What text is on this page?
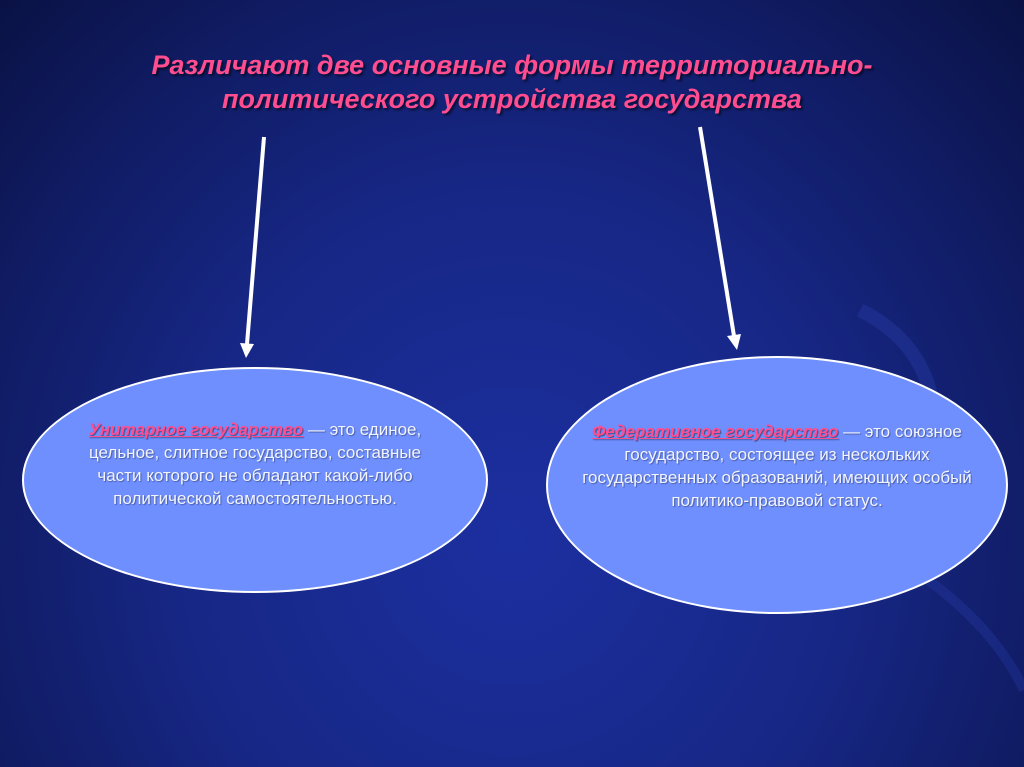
Различают две основные формы территориально-
политического устройства государства
Унитарное государство — это единое, цельное, слитное государство, составные части которого не обладают какой-либо политической самостоятельностью.
Федеративное государство — это союзное государство, состоящее из нескольких государственных образований, имеющих особый политико-правовой статус.
